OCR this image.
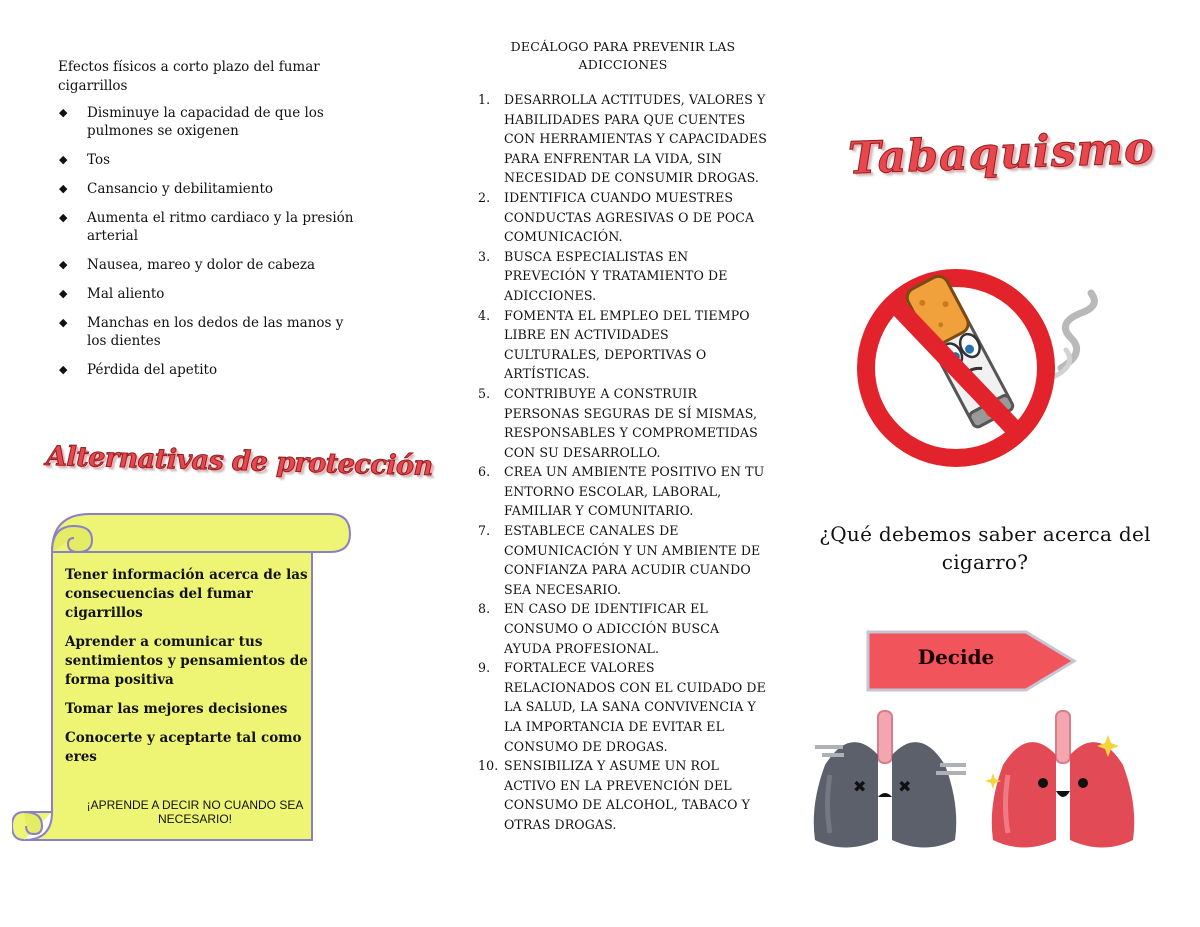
Efectos físicos a corto plazo del fumar cigarrillos

◆ Disminuye la capacidad de que los pulmones se oxigenen
◆ Tos
◆ Cansancio y debilitamiento
◆ Aumenta el ritmo cardiaco y la presión arterial
◆ Nausea, mareo y dolor de cabeza
◆ Mal aliento
◆ Manchas en los dedos de las manos y los dientes
◆ Pérdida del apetito
Alternativas de protección

Tener información acerca de las consecuencias del fumar cigarrillos

Aprender a comunicar tus sentimientos y pensamientos de forma positiva

Tomar las mejores decisiones

Conocerte y aceptarte tal como eres

¡APRENDE A DECIR NO CUANDO SEA NECESARIO!

DECÁLOGO PARA PREVENIR LAS ADICCIONES

1. DESARROLLA ACTITUDES, VALORES Y HABILIDADES PARA QUE CUENTES CON HERRAMIENTAS Y CAPACIDADES PARA ENFRENTAR LA VIDA, SIN NECESIDAD DE CONSUMIR DROGAS.
2. IDENTIFICA CUANDO MUESTRES CONDUCTAS AGRESIVAS O DE POCA COMUNICACIÓN.
3. BUSCA ESPECIALISTAS EN PREVECIÓN Y TRATAMIENTO DE ADICCIONES.
4. FOMENTA EL EMPLEO DEL TIEMPO LIBRE EN ACTIVIDADES CULTURALES, DEPORTIVAS O ARTÍSTICAS.
5. CONTRIBUYE A CONSTRUIR PERSONAS SEGURAS DE SÍ MISMAS, RESPONSABLES Y COMPROMETIDAS CON SU DESARROLLO.
6. CREA UN AMBIENTE POSITIVO EN TU ENTORNO ESCOLAR, LABORAL, FAMILIAR Y COMUNITARIO.
7. ESTABLECE CANALES DE COMUNICACIÓN Y UN AMBIENTE DE CONFIANZA PARA ACUDIR CUANDO SEA NECESARIO.
8. EN CASO DE IDENTIFICAR EL CONSUMO O ADICCIÓN BUSCA AYUDA PROFESIONAL.
9. FORTALECE VALORES RELACIONADOS CON EL CUIDADO DE LA SALUD, LA SANA CONVIVENCIA Y LA IMPORTANCIA DE EVITAR EL CONSUMO DE DROGAS.
10. SENSIBILIZA Y ASUME UN ROL ACTIVO EN LA PREVENCIÓN DEL CONSUMO DE ALCOHOL, TABACO Y OTRAS DROGAS.
Tabaquismo
¿Qué debemos saber acerca del cigarro?
Decide
✖ ✖
